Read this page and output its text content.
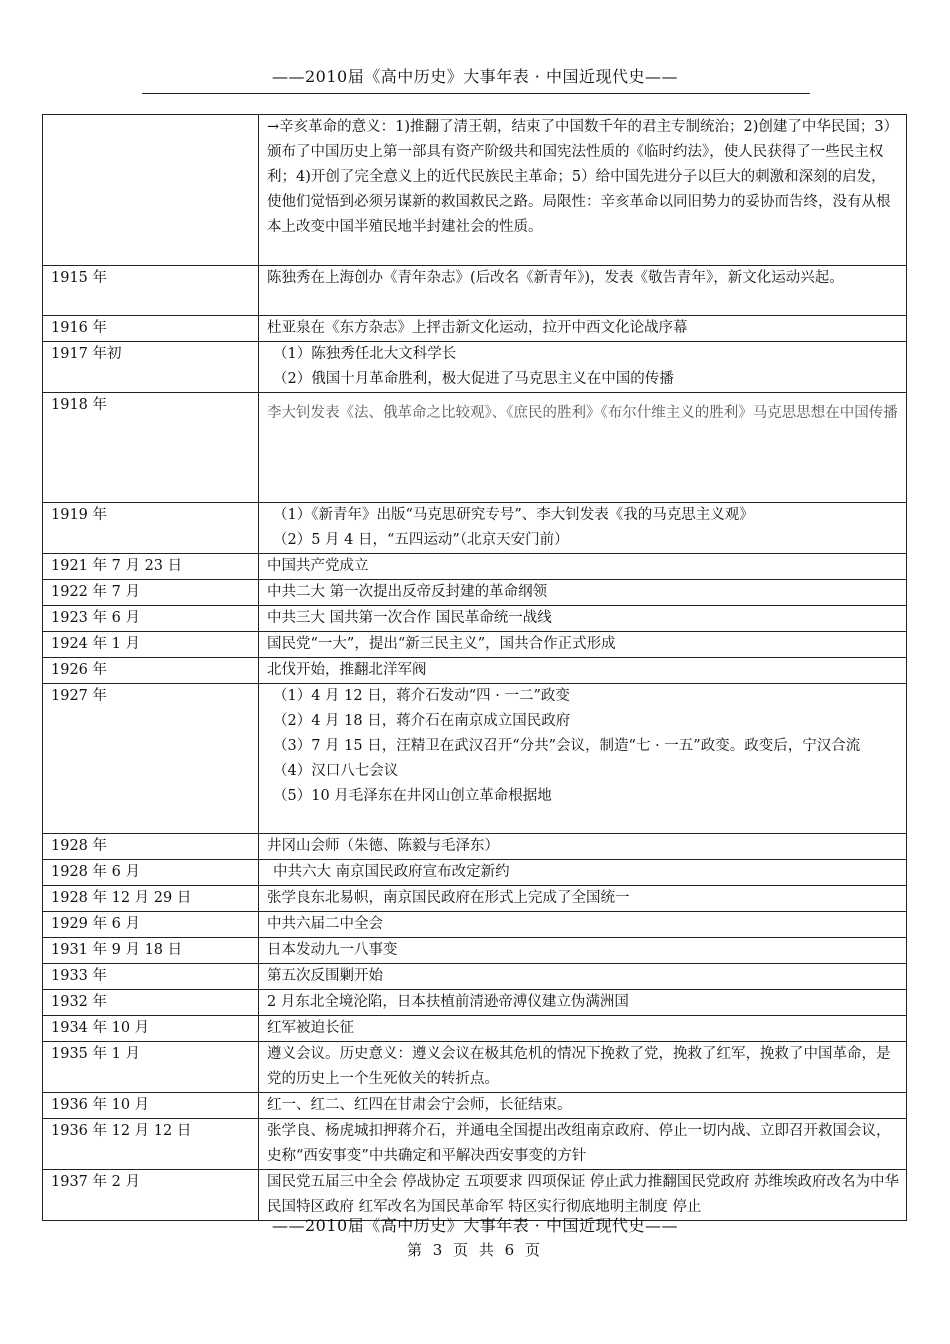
——2010届《高中历史》大事年表 · 中国近现代史——

	→辛亥革命的意义：1)推翻了清王朝，结束了中国数千年的君主专制统治；2)创建了中华民国；3）颁布了中国历史上第一部具有资产阶级共和国宪法性质的《临时约法》，使人民获得了一些民主权利；4)开创了完全意义上的近代民族民主革命；5）给中国先进分子以巨大的刺激和深刻的启发，使他们觉悟到必须另谋新的救国救民之路。局限性：辛亥革命以同旧势力的妥协而告终，没有从根本上改变中国半殖民地半封建社会的性质。

1915 年	陈独秀在上海创办《青年杂志》(后改名《新青年》)，发表《敬告青年》，新文化运动兴起。

1916 年	杜亚泉在《东方杂志》上抨击新文化运动，拉开中西文化论战序幕

1917 年初	（1）陈独秀任北大文科学长
（2）俄国十月革命胜利，极大促进了马克思主义在中国的传播

1918 年	李大钊发表《法、俄革命之比较观》、《庶民的胜利》《布尔什维主义的胜利》马克思思想在中国传播

1919 年	（1）《新青年》出版“马克思研究专号”、李大钊发表《我的马克思主义观》
（2）5 月 4 日，“五四运动”（北京天安门前）

1921 年 7 月 23 日	中国共产党成立

1922 年 7 月	中共二大 第一次提出反帝反封建的革命纲领

1923 年 6 月	中共三大 国共第一次合作 国民革命统一战线

1924 年 1 月	国民党“一大”，提出“新三民主义”，国共合作正式形成

1926 年	北伐开始，推翻北洋军阀

1927 年	（1）4 月 12 日，蒋介石发动“四 · 一二”政变
（2）4 月 18 日，蒋介石在南京成立国民政府
（3）7 月 15 日，汪精卫在武汉召开“分共”会议，制造“七 · 一五”政变。政变后，宁汉合流
（4）汉口八七会议
（5）10 月毛泽东在井冈山创立革命根据地

1928 年	井冈山会师（朱德、陈毅与毛泽东）

1928 年 6 月	中共六大 南京国民政府宣布改定新约

1928 年 12 月 29 日	张学良东北易帜，南京国民政府在形式上完成了全国统一

1929 年 6 月	中共六届二中全会

1931 年 9 月 18 日	日本发动九一八事变

1933 年	第五次反围剿开始

1932 年	2 月东北全境沦陷，日本扶植前清逊帝溥仪建立伪满洲国

1934 年 10 月	红军被迫长征

1935 年 1 月	遵义会议。历史意义：遵义会议在极其危机的情况下挽救了党，挽救了红军，挽救了中国革命，是党的历史上一个生死攸关的转折点。

1936 年 10 月	红一、红二、红四在甘肃会宁会师，长征结束。

1936 年 12 月 12 日	张学良、杨虎城扣押蒋介石，并通电全国提出改组南京政府、停止一切内战、立即召开救国会议，史称“西安事变”中共确定和平解决西安事变的方针

1937 年 2 月	国民党五届三中全会 停战协定 五项要求 四项保证 停止武力推翻国民党政府 苏维埃政府改名为中华民国特区政府 红军改名为国民革命军 特区实行彻底地明主制度 停止
——2010届《高中历史》大事年表 · 中国近现代史——
第 3 页 共 6 页
